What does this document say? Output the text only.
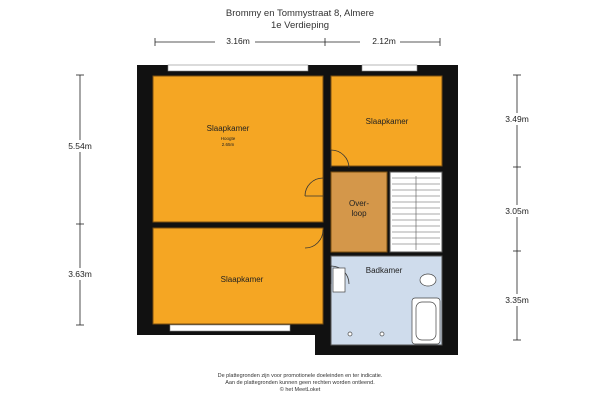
Brommy en Tommystraat 8, Almere
1e Verdieping
3.16m	2.12m
5.54m
3.63m
3.49m
3.05m
3.35m
Slaapkamer
Hoogte
2.65m
Slaapkamer
Slaapkamer
Badkamer
Over-
loop
De plattegronden zijn voor promotionele doeleinden en ter indicatie.
Aan de plattegronden kunnen geen rechten worden ontleend.
© het MeetLoket
